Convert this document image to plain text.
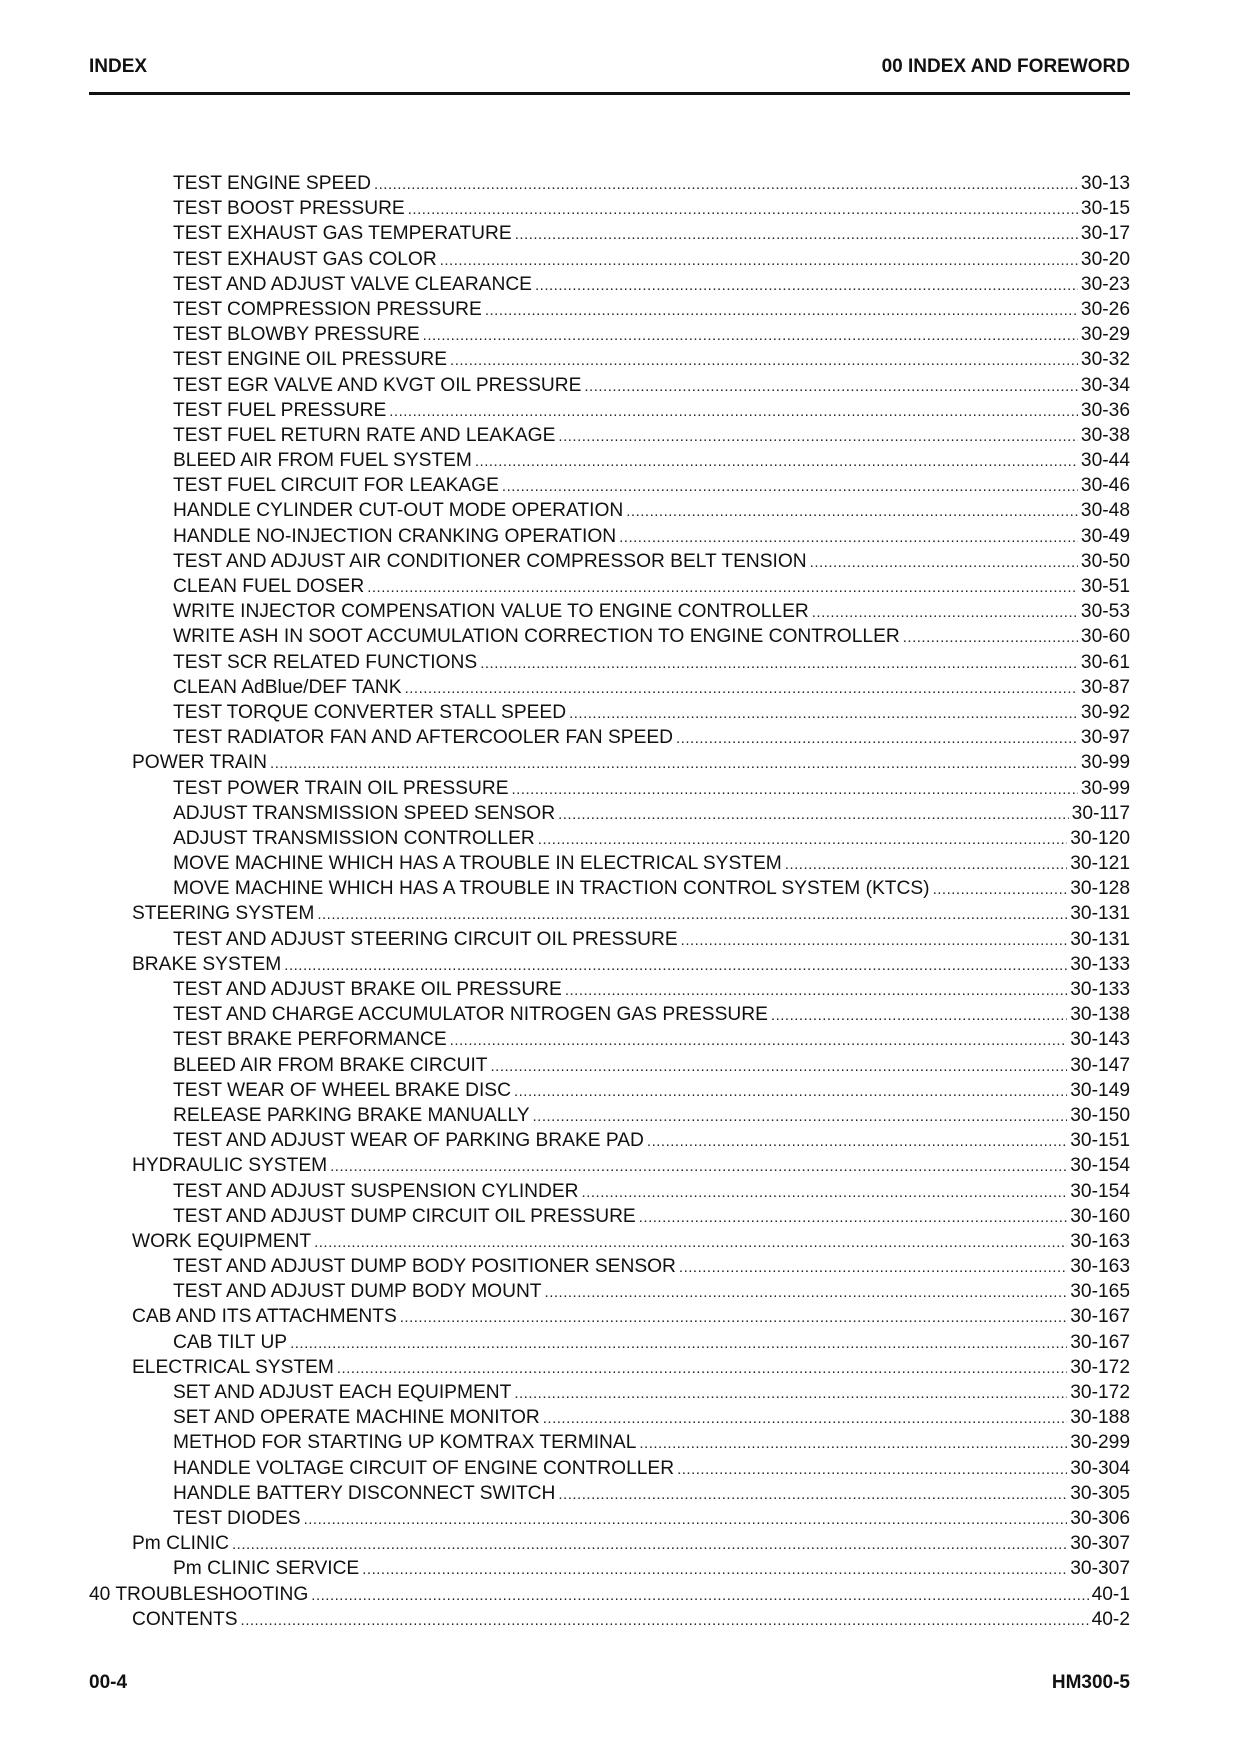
INDEX	00 INDEX AND FOREWORD
TEST ENGINE SPEED .....	30-13
TEST BOOST PRESSURE .....	30-15
TEST EXHAUST GAS TEMPERATURE .....	30-17
TEST EXHAUST GAS COLOR .....	30-20
TEST AND ADJUST VALVE CLEARANCE .....	30-23
TEST COMPRESSION PRESSURE .....	30-26
TEST BLOWBY PRESSURE .....	30-29
TEST ENGINE OIL PRESSURE .....	30-32
TEST EGR VALVE AND KVGT OIL PRESSURE .....	30-34
TEST FUEL PRESSURE .....	30-36
TEST FUEL RETURN RATE AND LEAKAGE .....	30-38
BLEED AIR FROM FUEL SYSTEM .....	30-44
TEST FUEL CIRCUIT FOR LEAKAGE .....	30-46
HANDLE CYLINDER CUT-OUT MODE OPERATION .....	30-48
HANDLE NO-INJECTION CRANKING OPERATION .....	30-49
TEST AND ADJUST AIR CONDITIONER COMPRESSOR BELT TENSION .....	30-50
CLEAN FUEL DOSER .....	30-51
WRITE INJECTOR COMPENSATION VALUE TO ENGINE CONTROLLER .....	30-53
WRITE ASH IN SOOT ACCUMULATION CORRECTION TO ENGINE CONTROLLER .....	30-60
TEST SCR RELATED FUNCTIONS .....	30-61
CLEAN AdBlue/DEF TANK .....	30-87
TEST TORQUE CONVERTER STALL SPEED .....	30-92
TEST RADIATOR FAN AND AFTERCOOLER FAN SPEED .....	30-97
POWER TRAIN .....	30-99
TEST POWER TRAIN OIL PRESSURE .....	30-99
ADJUST TRANSMISSION SPEED SENSOR .....	30-117
ADJUST TRANSMISSION CONTROLLER .....	30-120
MOVE MACHINE WHICH HAS A TROUBLE IN ELECTRICAL SYSTEM .....	30-121
MOVE MACHINE WHICH HAS A TROUBLE IN TRACTION CONTROL SYSTEM (KTCS) .....	30-128
STEERING SYSTEM .....	30-131
TEST AND ADJUST STEERING CIRCUIT OIL PRESSURE .....	30-131
BRAKE SYSTEM .....	30-133
TEST AND ADJUST BRAKE OIL PRESSURE .....	30-133
TEST AND CHARGE ACCUMULATOR NITROGEN GAS PRESSURE .....	30-138
TEST BRAKE PERFORMANCE .....	30-143
BLEED AIR FROM BRAKE CIRCUIT .....	30-147
TEST WEAR OF WHEEL BRAKE DISC .....	30-149
RELEASE PARKING BRAKE MANUALLY .....	30-150
TEST AND ADJUST WEAR OF PARKING BRAKE PAD .....	30-151
HYDRAULIC SYSTEM .....	30-154
TEST AND ADJUST SUSPENSION CYLINDER .....	30-154
TEST AND ADJUST DUMP CIRCUIT OIL PRESSURE .....	30-160
WORK EQUIPMENT .....	30-163
TEST AND ADJUST DUMP BODY POSITIONER SENSOR .....	30-163
TEST AND ADJUST DUMP BODY MOUNT .....	30-165
CAB AND ITS ATTACHMENTS .....	30-167
CAB TILT UP .....	30-167
ELECTRICAL SYSTEM .....	30-172
SET AND ADJUST EACH EQUIPMENT .....	30-172
SET AND OPERATE MACHINE MONITOR .....	30-188
METHOD FOR STARTING UP KOMTRAX TERMINAL .....	30-299
HANDLE VOLTAGE CIRCUIT OF ENGINE CONTROLLER .....	30-304
HANDLE BATTERY DISCONNECT SWITCH .....	30-305
TEST DIODES .....	30-306
Pm CLINIC .....	30-307
Pm CLINIC SERVICE .....	30-307
40 TROUBLESHOOTING .....	40-1
CONTENTS .....	40-2
00-4	HM300-5
